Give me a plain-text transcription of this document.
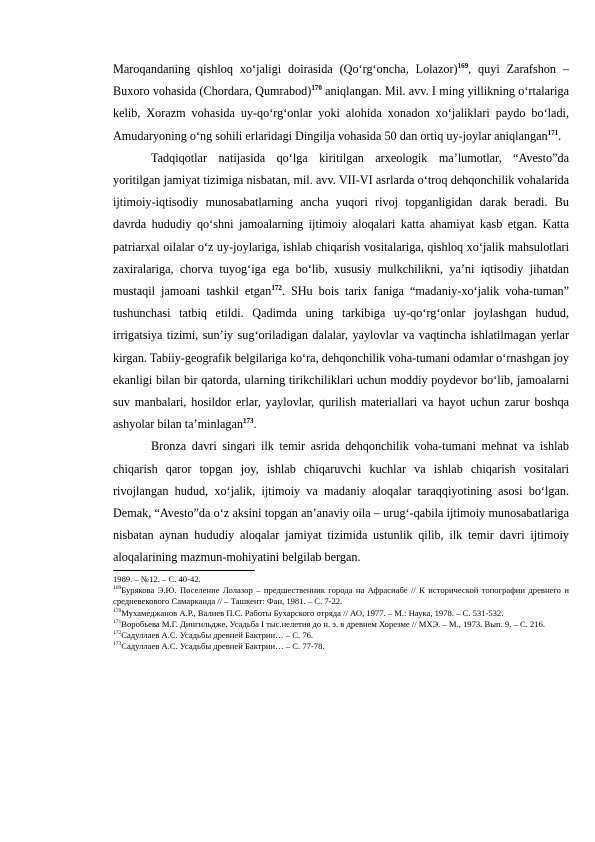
Maroqandaning qishloq xo‘jaligi doirasida (Qo‘rg‘oncha, Lolazor)$^{169}$, quyi Zarafshon – Buxoro vohasida (Chordara, Qumrabod)$^{170}$ aniqlangan. Mil. avv. I ming yillikning o‘rtalariga kelib, Xorazm vohasida uy-qo‘rg‘onlar yoki alohida xonadon xo‘jaliklari paydo bo‘ladi, Amudaryoning o‘ng sohili erlaridagi Dingilja vohasida 50 dan ortiq uy-joylar aniqlangan$^{171}$.

Tadqiqotlar natijasida qo‘lga kiritilgan arxeologik ma’lumotlar, “Avesto”da yoritilgan jamiyat tizimiga nisbatan, mil. avv. VII-VI asrlarda o‘troq dehqonchilik vohalarida ijtimoiy-iqtisodiy munosabatlarning ancha yuqori rivoj topganligidan darak beradi. Bu davrda hududiy qo‘shni jamoalarning ijtimoiy aloqalari katta ahamiyat kasb etgan. Katta patriarxal oilalar o‘z uy-joylariga, ishlab chiqarish vositalariga, qishloq xo‘jalik mahsulotlari zaxiralariga, chorva tuyog‘iga ega bo‘lib, xususiy mulkchilikni, ya’ni iqtisodiy jihatdan mustaqil jamoani tashkil etgan$^{172}$. SHu bois tarix faniga “madaniy-xo‘jalik voha-tuman” tushunchasi tatbiq etildi. Qadimda uning tarkibiga uy-qo‘rg‘onlar joylashgan hudud, irrigatsiya tizimi, sun’iy sug‘oriladigan dalalar, yaylovlar va vaqtincha ishlatilmagan yerlar kirgan. Tabiiy-geografik belgilariga ko‘ra, dehqonchilik voha-tumani odamlar o‘rnashgan joy ekanligi bilan bir qatorda, ularning tirikchiliklari uchun moddiy poydevor bo‘lib, jamoalarni suv manbalari, hosildor erlar, yaylovlar, qurilish materiallari va hayot uchun zarur boshqa ashyolar bilan ta’minlagan$^{173}$.

Bronza davri singari ilk temir asrida dehqonchilik voha-tumani mehnat va ishlab chiqarish qaror topgan joy, ishlab chiqaruvchi kuchlar va ishlab chiqarish vositalari rivojlangan hudud, xo‘jalik, ijtimoiy va madaniy aloqalar taraqqiyotining asosi bo‘lgan. Demak, “Avesto”da o‘z aksini topgan an’anaviy oila – urug‘-qabila ijtimoiy munosabatlariga nisbatan aynan hududiy aloqalar jamiyat tizimida ustunlik qilib, ilk temir davri ijtimoiy aloqalarining mazmun-mohiyatini belgilab bergan.

1989. – №12. – С. 40-42.

$^{169}$Бурякова Э.Ю. Поселение Лолазор – предшественник города на Афрасиабе // К исторической топографии древнего и средневекового Самарканда // – Ташкент: Фан, 1981. – С. 7-22.

$^{170}$Мухамеджанов А.Р., Валиев П.С. Работы Бухарского отряда // АО, 1977. – М.: Наука, 1978. – С. 531-532.

$^{171}$Воробьева М.Г. Дингильдже. Усадьба I тыс.нелетия до н. э. в древнем Хорезме // МХЭ. – М., 1973. Вып. 9. – С. 216.

$^{172}$Садуллаев А.С. Усадьбы древней Бактрии… – С. 76.

$^{173}$Садуллаев А.С. Усадьбы древней Бактрии… – С. 77-78.
